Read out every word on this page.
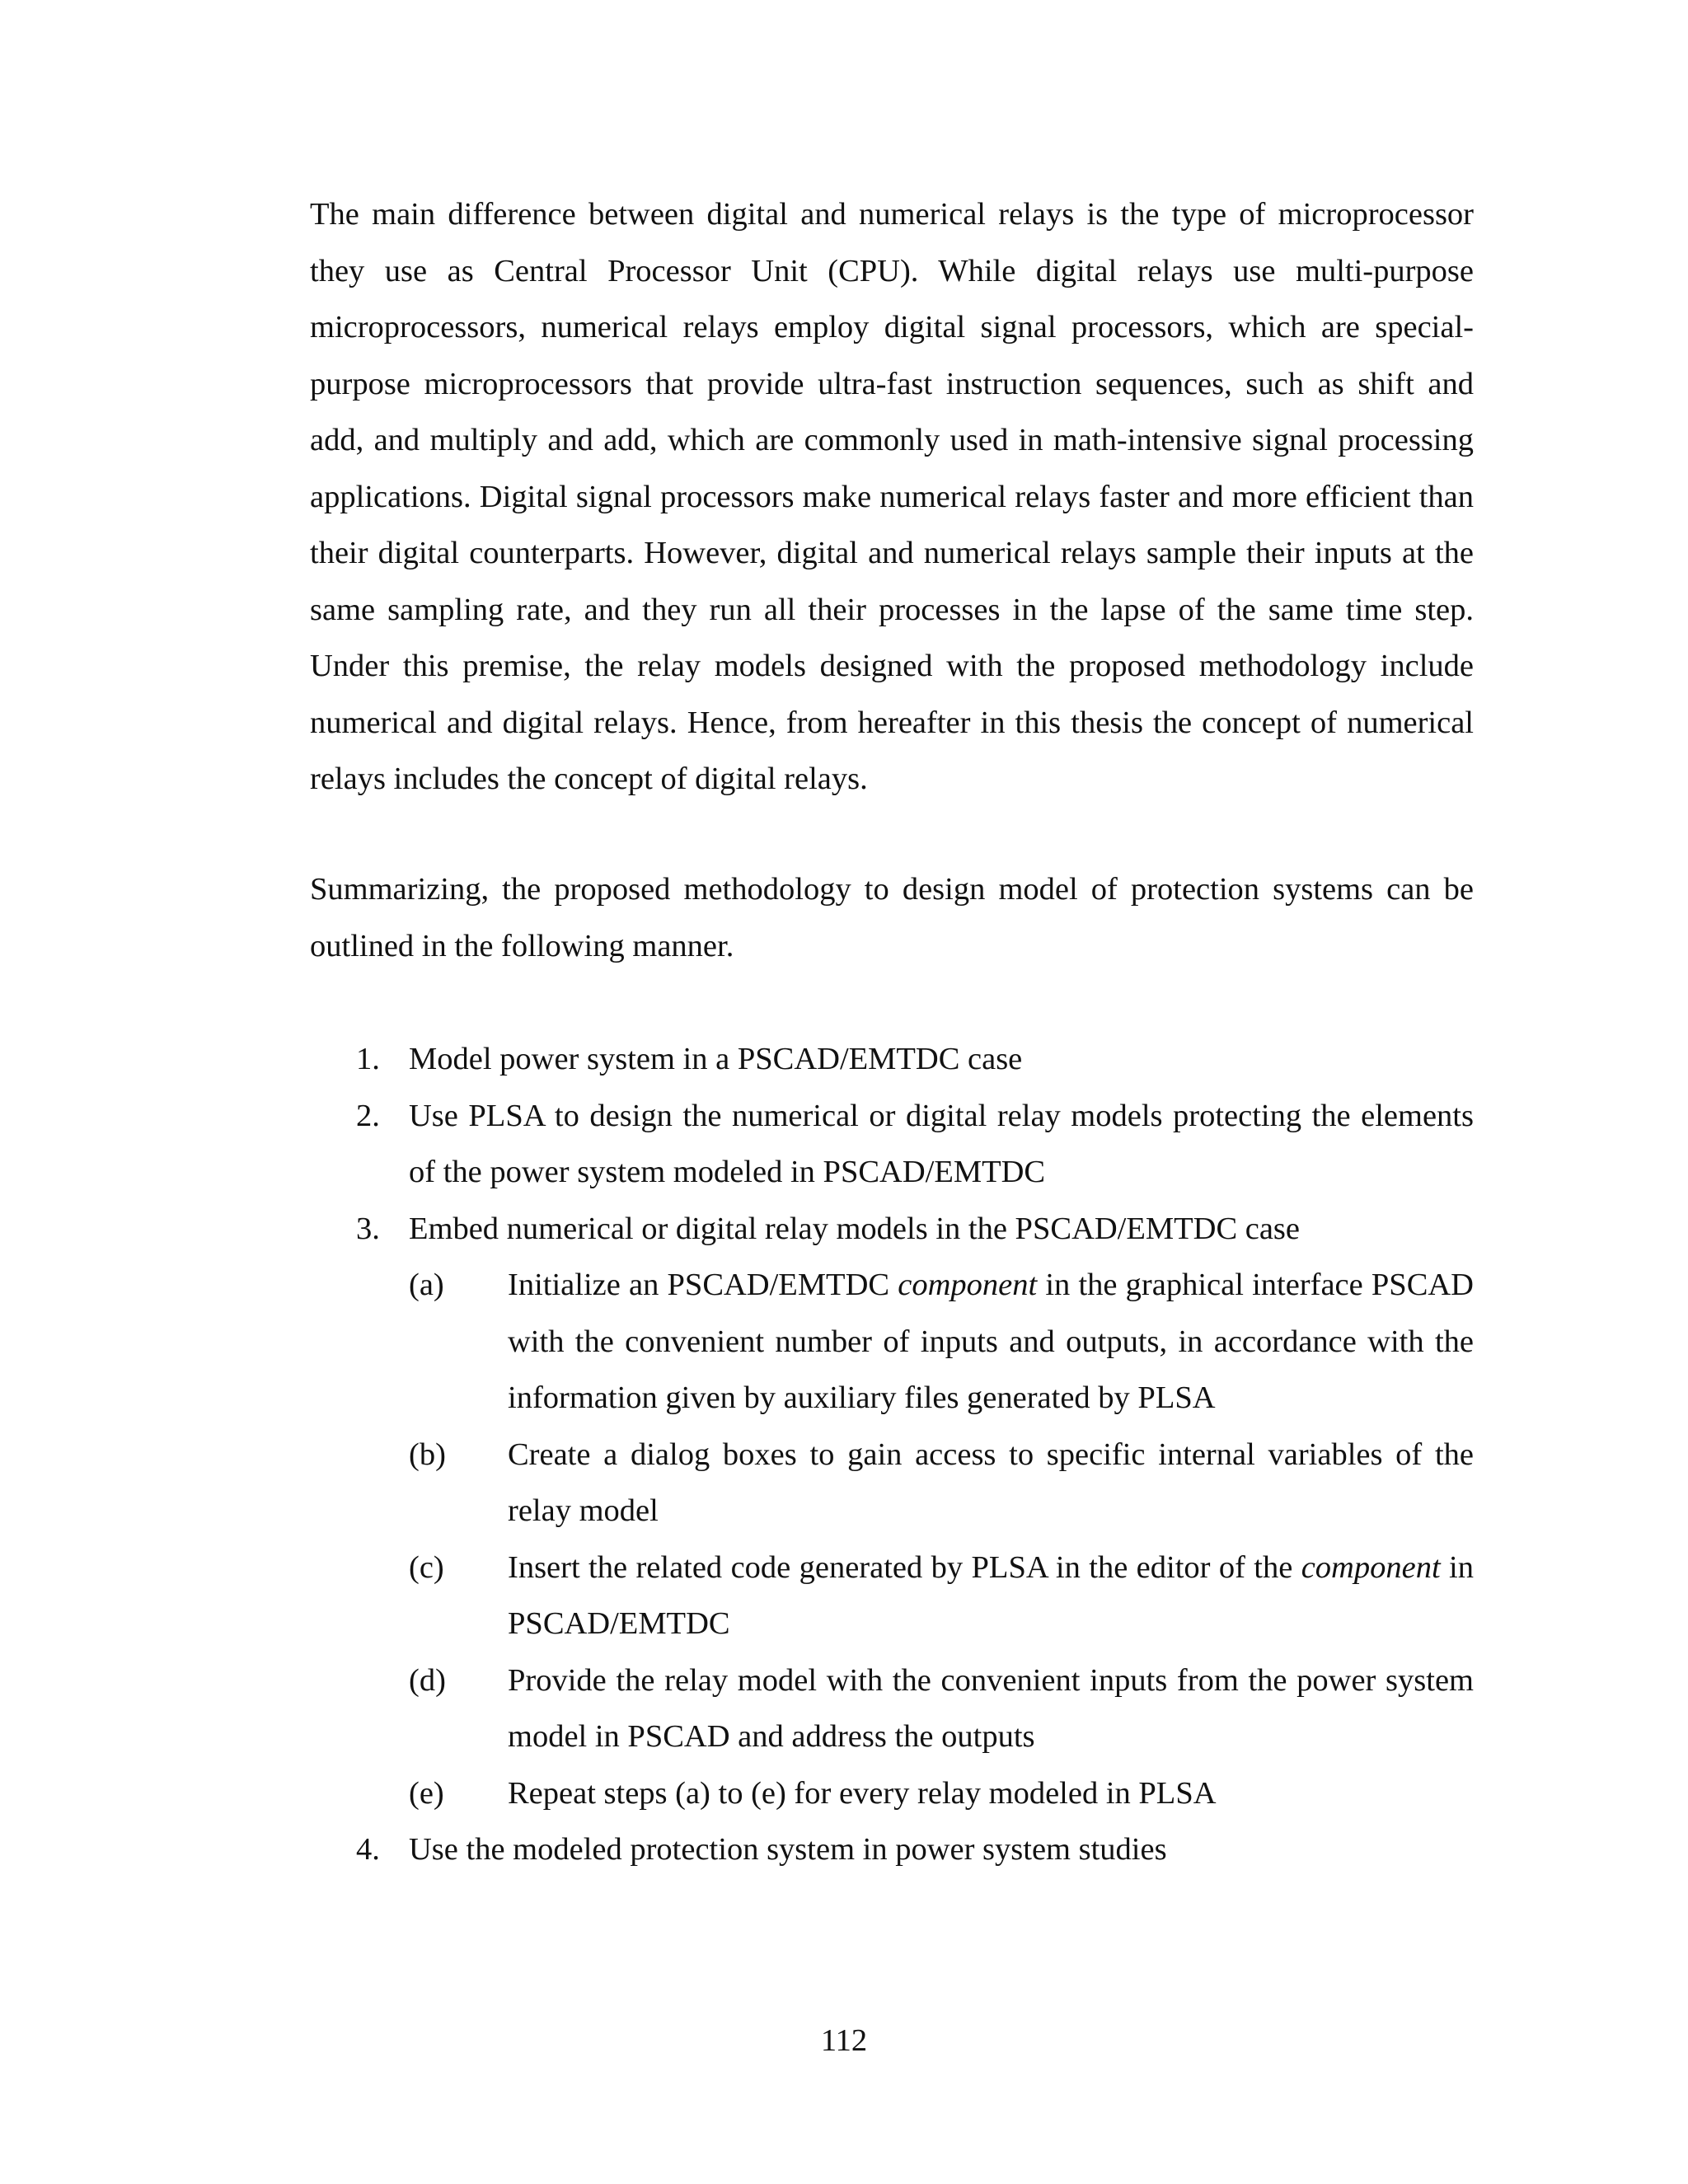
The main difference between digital and numerical relays is the type of microprocessor they use as Central Processor Unit (CPU). While digital relays use multi-purpose microprocessors, numerical relays employ digital signal processors, which are special-purpose microprocessors that provide ultra-fast instruction sequences, such as shift and add, and multiply and add, which are commonly used in math-intensive signal processing applications. Digital signal processors make numerical relays faster and more efficient than their digital counterparts. However, digital and numerical relays sample their inputs at the same sampling rate, and they run all their processes in the lapse of the same time step. Under this premise, the relay models designed with the proposed methodology include numerical and digital relays. Hence, from hereafter in this thesis the concept of numerical relays includes the concept of digital relays.

Summarizing, the proposed methodology to design model of protection systems can be outlined in the following manner.

1. Model power system in a PSCAD/EMTDC case
2. Use PLSA to design the numerical or digital relay models protecting the elements of the power system modeled in PSCAD/EMTDC
3. Embed numerical or digital relay models in the PSCAD/EMTDC case
(a) Initialize an PSCAD/EMTDC component in the graphical interface PSCAD with the convenient number of inputs and outputs, in accordance with the information given by auxiliary files generated by PLSA
(b) Create a dialog boxes to gain access to specific internal variables of the relay model
(c) Insert the related code generated by PLSA in the editor of the component in PSCAD/EMTDC
(d) Provide the relay model with the convenient inputs from the power system model in PSCAD and address the outputs
(e) Repeat steps (a) to (e) for every relay modeled in PLSA
4. Use the modeled protection system in power system studies
112
